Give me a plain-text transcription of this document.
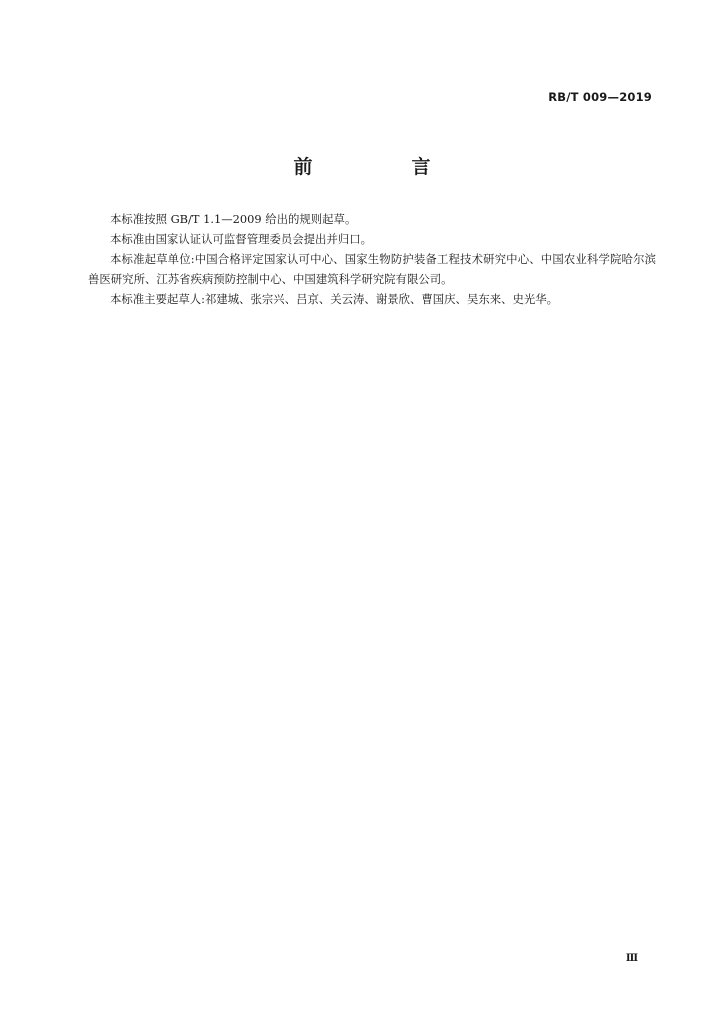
RB/T 009—2019
前　言

本标准按照 GB/T 1.1—2009 给出的规则起草。

本标准由国家认证认可监督管理委员会提出并归口。

本标准起草单位:中国合格评定国家认可中心、国家生物防护装备工程技术研究中心、中国农业科学院哈尔滨兽医研究所、江苏省疾病预防控制中心、中国建筑科学研究院有限公司。

本标准主要起草人:祁建城、张宗兴、吕京、关云涛、谢景欣、曹国庆、吴东来、史光华。

Ⅲ
